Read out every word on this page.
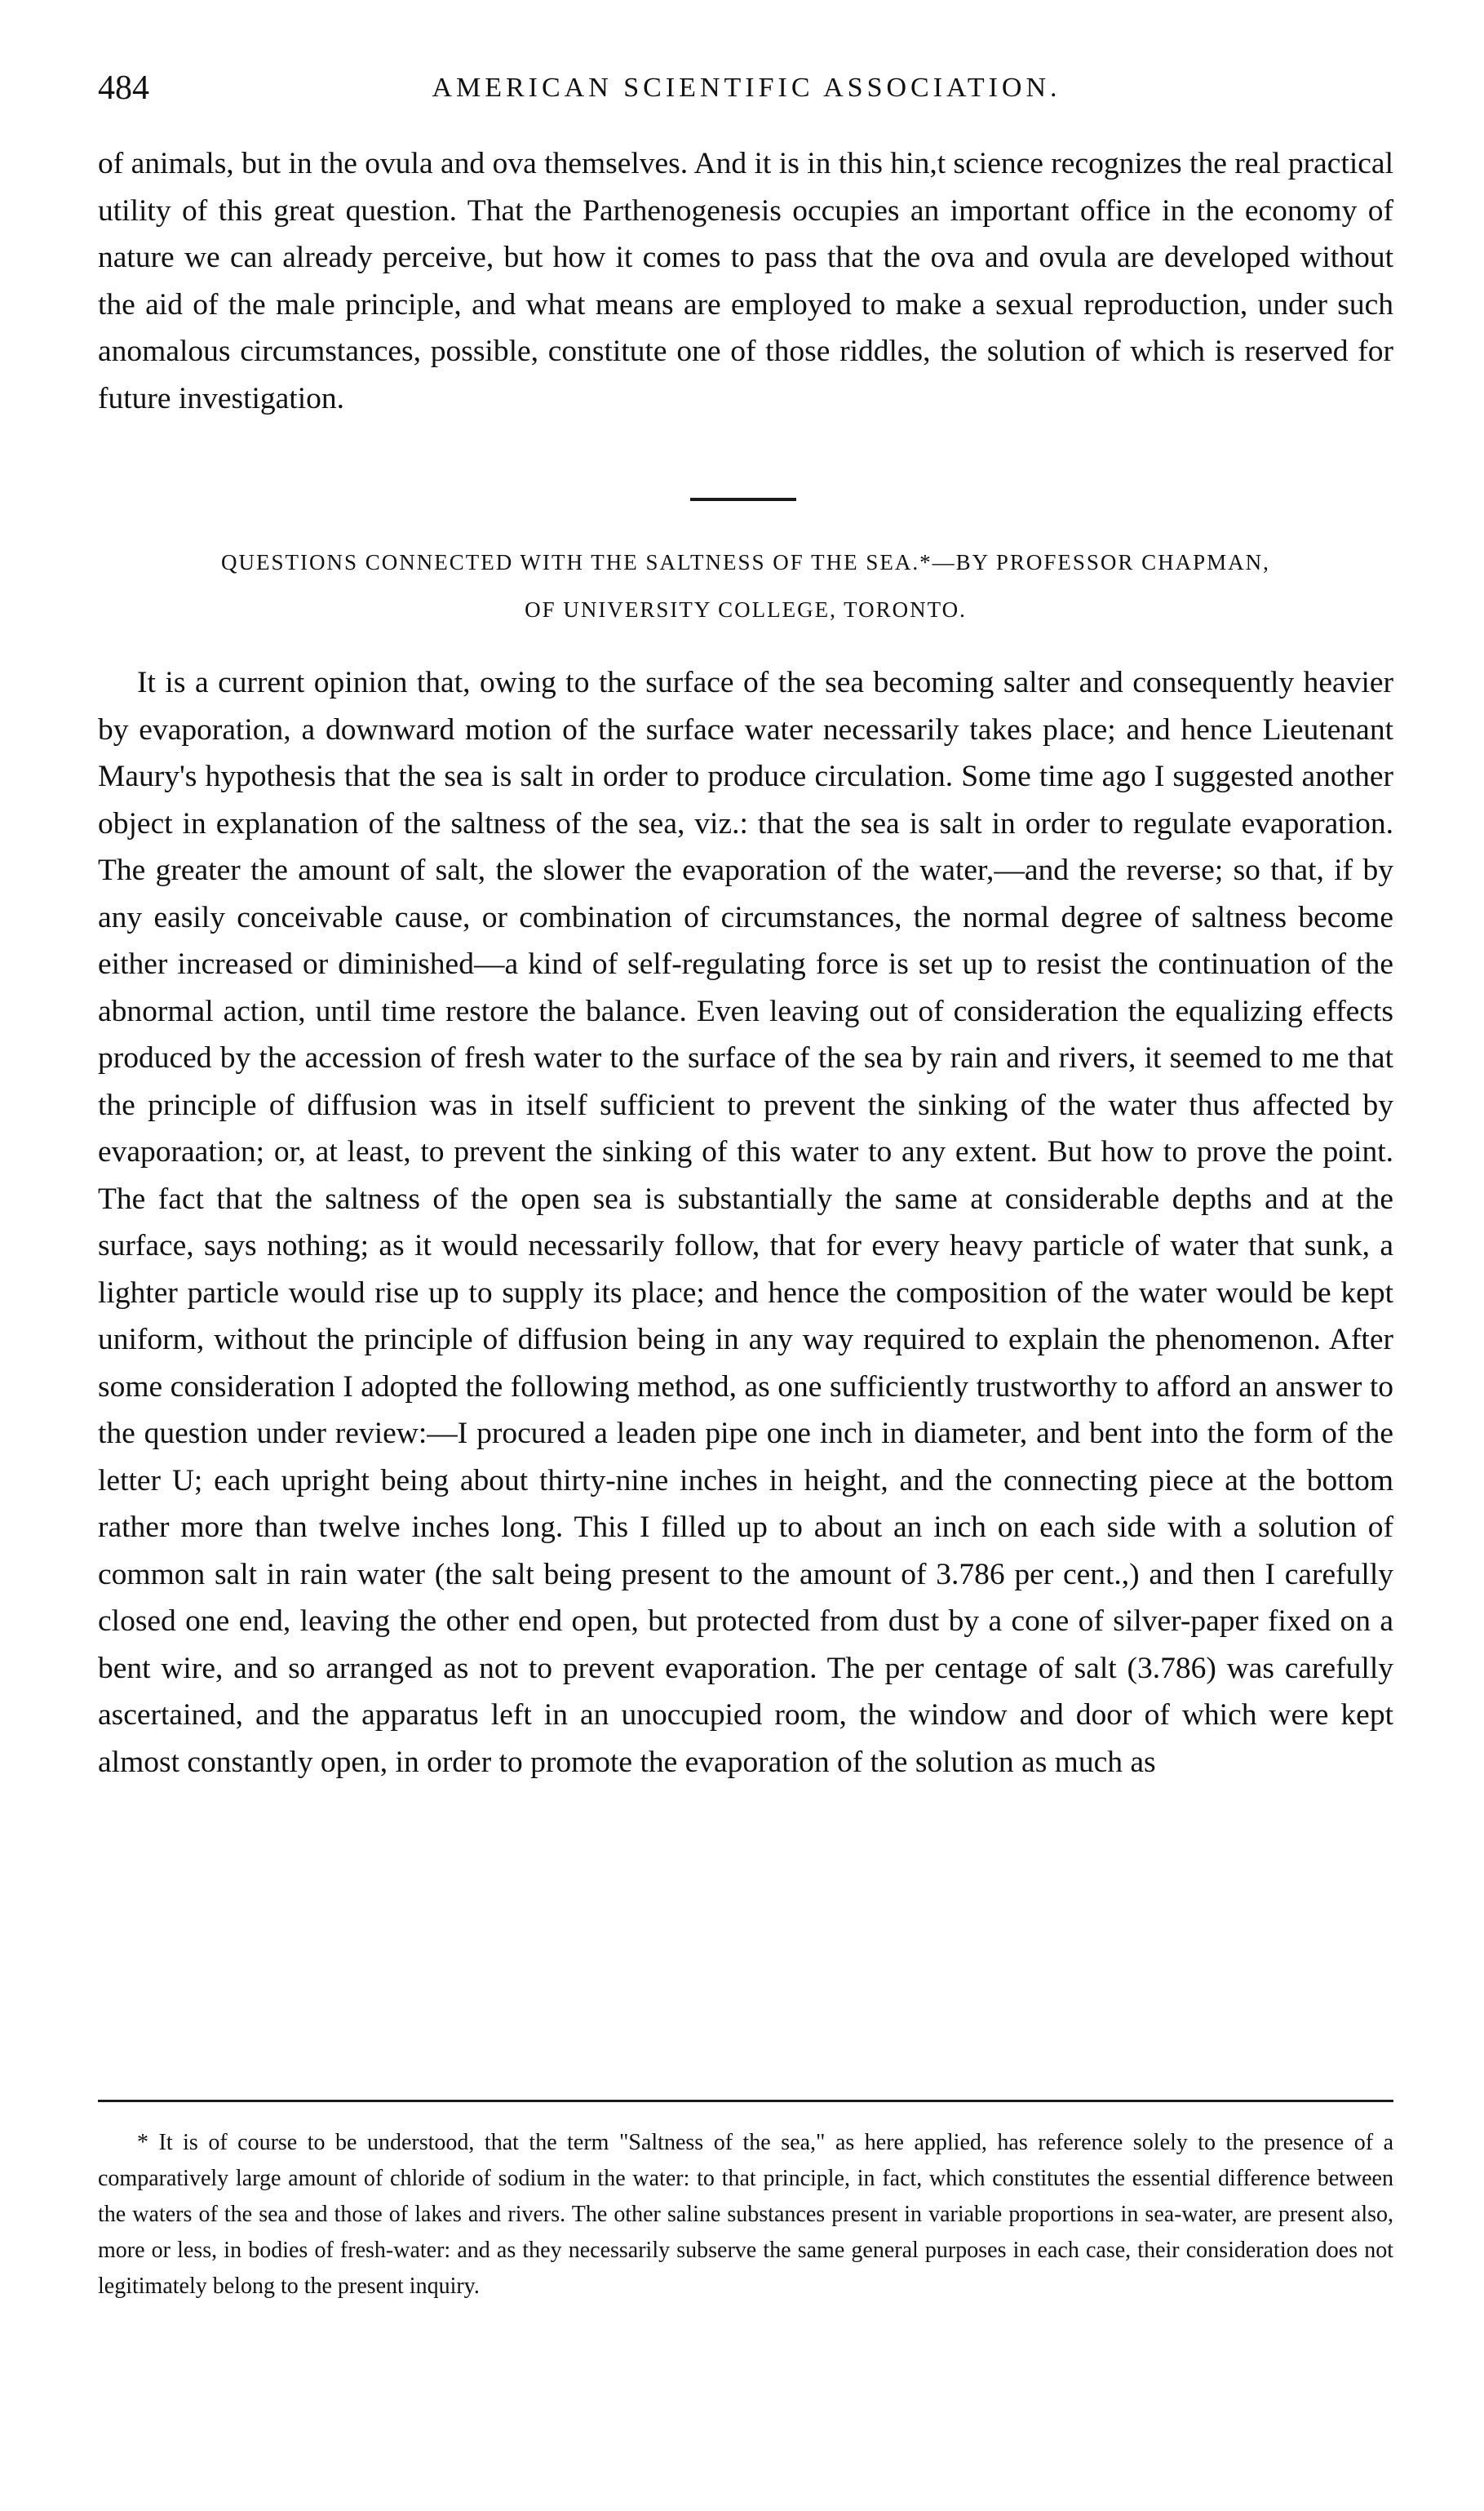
484	AMERICAN SCIENTIFIC ASSOCIATION.
of animals, but in the ovula and ova themselves. And it is in this hin,t science recognizes the real practical utility of this great question. That the Parthenogenesis occupies an important office in the economy of nature we can already perceive, but how it comes to pass that the ova and ovula are developed without the aid of the male principle, and what means are employed to make a sexual reproduction, under such anomalous circumstances, possible, constitute one of those riddles, the solution of which is reserved for future investigation.
QUESTIONS CONNECTED WITH THE SALTNESS OF THE SEA.*—BY PROFESSOR CHAPMAN,
OF UNIVERSITY COLLEGE, TORONTO.
It is a current opinion that, owing to the surface of the sea becoming salter and consequently heavier by evaporation, a downward motion of the surface water necessarily takes place; and hence Lieutenant Maury's hypothesis that the sea is salt in order to produce circulation. Some time ago I suggested another object in explanation of the saltness of the sea, viz.: that the sea is salt in order to regulate evaporation. The greater the amount of salt, the slower the evaporation of the water,—and the reverse; so that, if by any easily conceivable cause, or combination of circumstances, the normal degree of saltness become either increased or diminished—a kind of self-regulating force is set up to resist the continuation of the abnormal action, until time restore the balance. Even leaving out of consideration the equalizing effects produced by the accession of fresh water to the surface of the sea by rain and rivers, it seemed to me that the principle of diffusion was in itself sufficient to prevent the sinking of the water thus affected by evaporaation; or, at least, to prevent the sinking of this water to any extent. But how to prove the point. The fact that the saltness of the open sea is substantially the same at considerable depths and at the surface, says nothing; as it would necessarily follow, that for every heavy particle of water that sunk, a lighter particle would rise up to supply its place; and hence the composition of the water would be kept uniform, without the principle of diffusion being in any way required to explain the phenomenon. After some consideration I adopted the following method, as one sufficiently trustworthy to afford an answer to the question under review:—I procured a leaden pipe one inch in diameter, and bent into the form of the letter U; each upright being about thirty-nine inches in height, and the connecting piece at the bottom rather more than twelve inches long. This I filled up to about an inch on each side with a solution of common salt in rain water (the salt being present to the amount of 3.786 per cent.,) and then I carefully closed one end, leaving the other end open, but protected from dust by a cone of silver-paper fixed on a bent wire, and so arranged as not to prevent evaporation. The per centage of salt (3.786) was carefully ascertained, and the apparatus left in an unoccupied room, the window and door of which were kept almost constantly open, in order to promote the evaporation of the solution as much as
* It is of course to be understood, that the term "Saltness of the sea," as here applied, has reference solely to the presence of a comparatively large amount of chloride of sodium in the water: to that principle, in fact, which constitutes the essential difference between the waters of the sea and those of lakes and rivers. The other saline substances present in variable proportions in sea-water, are present also, more or less, in bodies of fresh-water: and as they necessarily subserve the same general purposes in each case, their consideration does not legitimately belong to the present inquiry.
